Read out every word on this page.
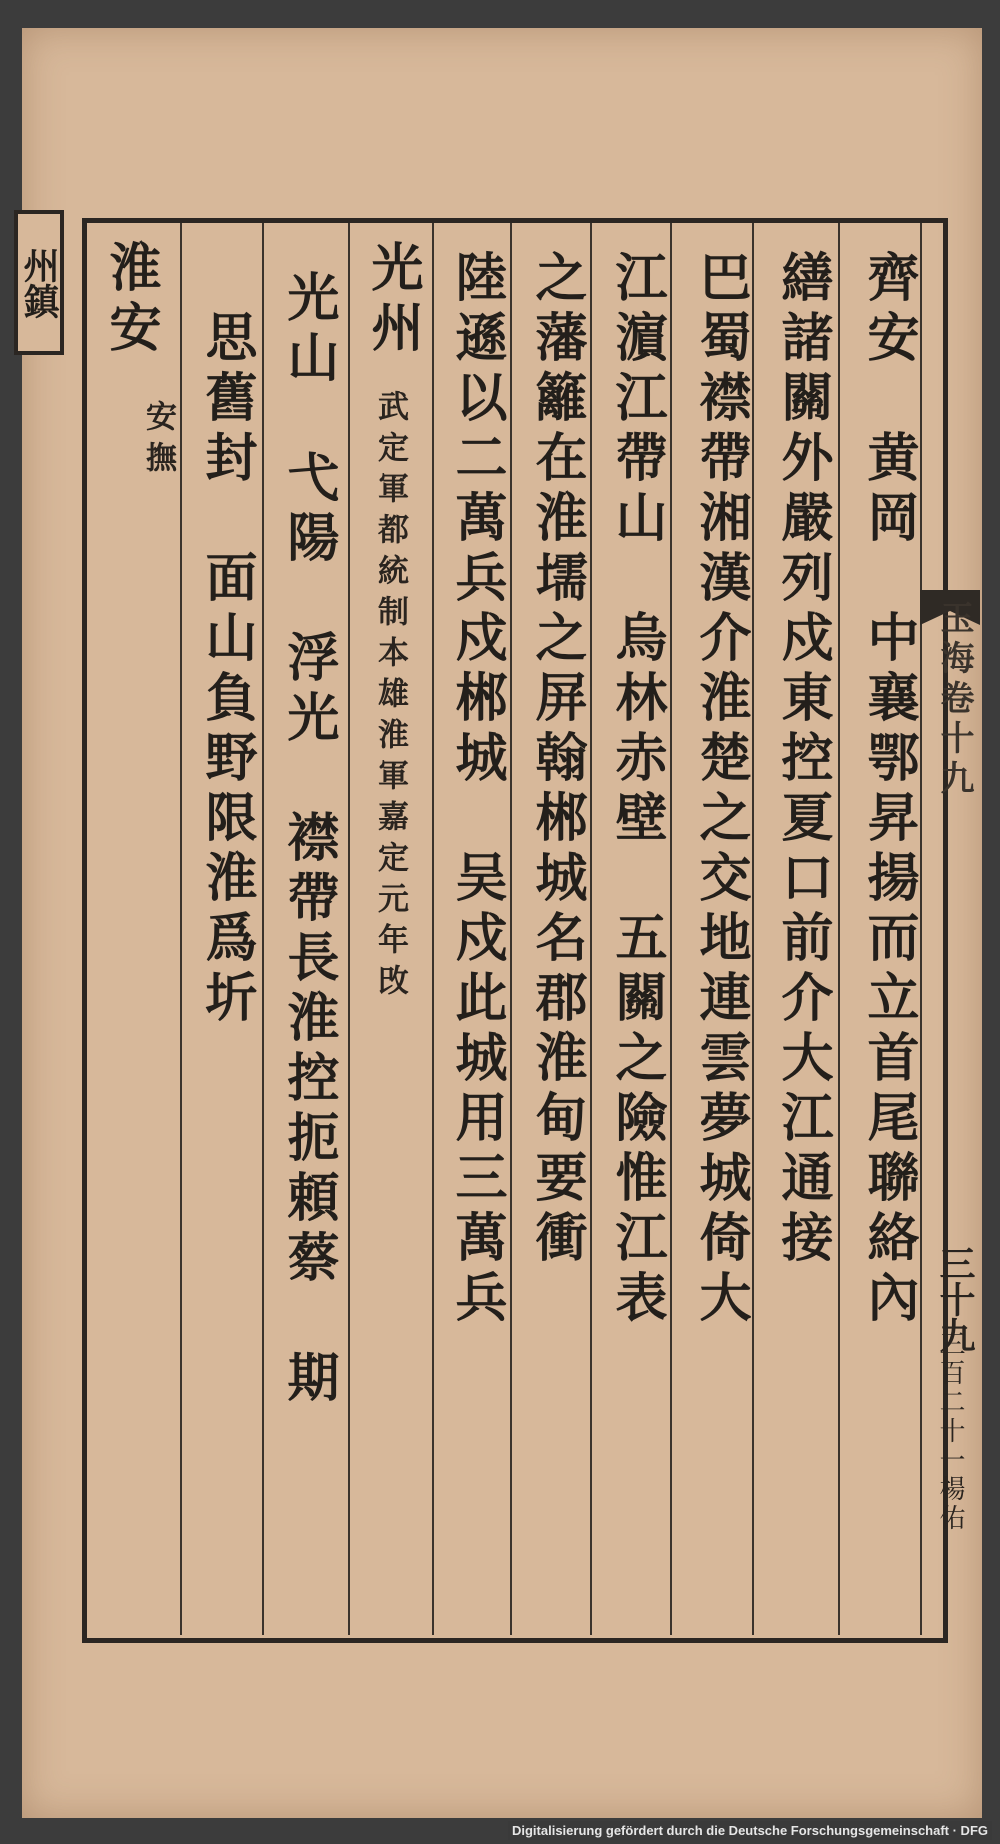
州鎮	齊安　黄岡　中襄鄂昇揚而立首尾聯絡內
繕諸關外嚴列戍東控夏口前介大江通接
巴蜀襟帶湘漢介淮楚之交地連雲夢城倚大
江濵江帶山　烏林赤壁　五關之險惟江表
之藩籬在淮壖之屏翰郴城名郡淮甸要衝
陸遜以二萬兵戍郴城　吴戍此城用三萬兵
光州
武定軍都統制本雄淮軍嘉定元年攺
光山　弋陽　浮光　襟帶長淮控扼頼蔡　期
思舊封　面山負野限淮爲圻
淮安
安撫
玉海卷十九
三十九
三百二十一楊佑
Digitalisierung gefördert durch die Deutsche Forschungsgemeinschaft · DFG
